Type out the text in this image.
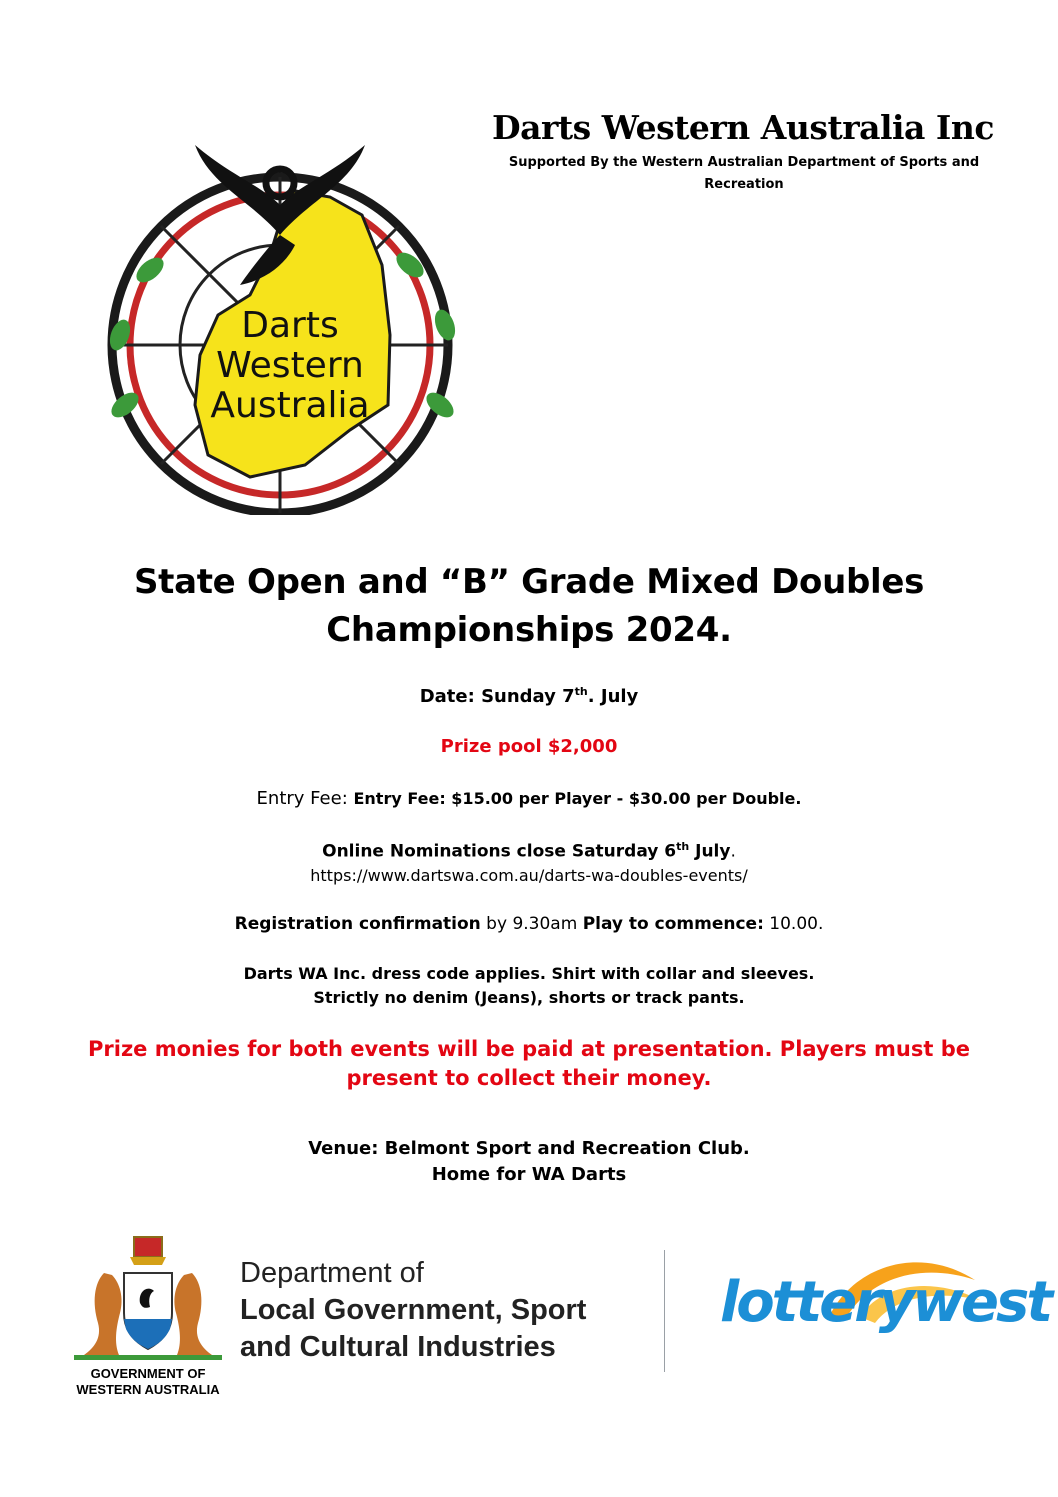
Darts
Western
Australia
Darts Western Australia Inc
Supported By the Western Australian Department of Sports and
Recreation
State Open and “B” Grade Mixed Doubles
Championships 2024.
Date: Sunday 7th. July
Prize pool $2,000
Entry Fee: Entry Fee: $15.00 per Player - $30.00 per Double.
Online Nominations close Saturday 6th July.
https://www.dartswa.com.au/darts-wa-doubles-events/
Registration confirmation by 9.30am Play to commence: 10.00.
Darts WA Inc. dress code applies. Shirt with collar and sleeves.
Strictly no denim (Jeans), shorts or track pants.
Prize monies for both events will be paid at presentation. Players must be
present to collect their money.
Venue: Belmont Sport and Recreation Club.
Home for WA Darts
GOVERNMENT OF
WESTERN AUSTRALIA
Department of
Local Government, Sport
and Cultural Industries
lotterywest
